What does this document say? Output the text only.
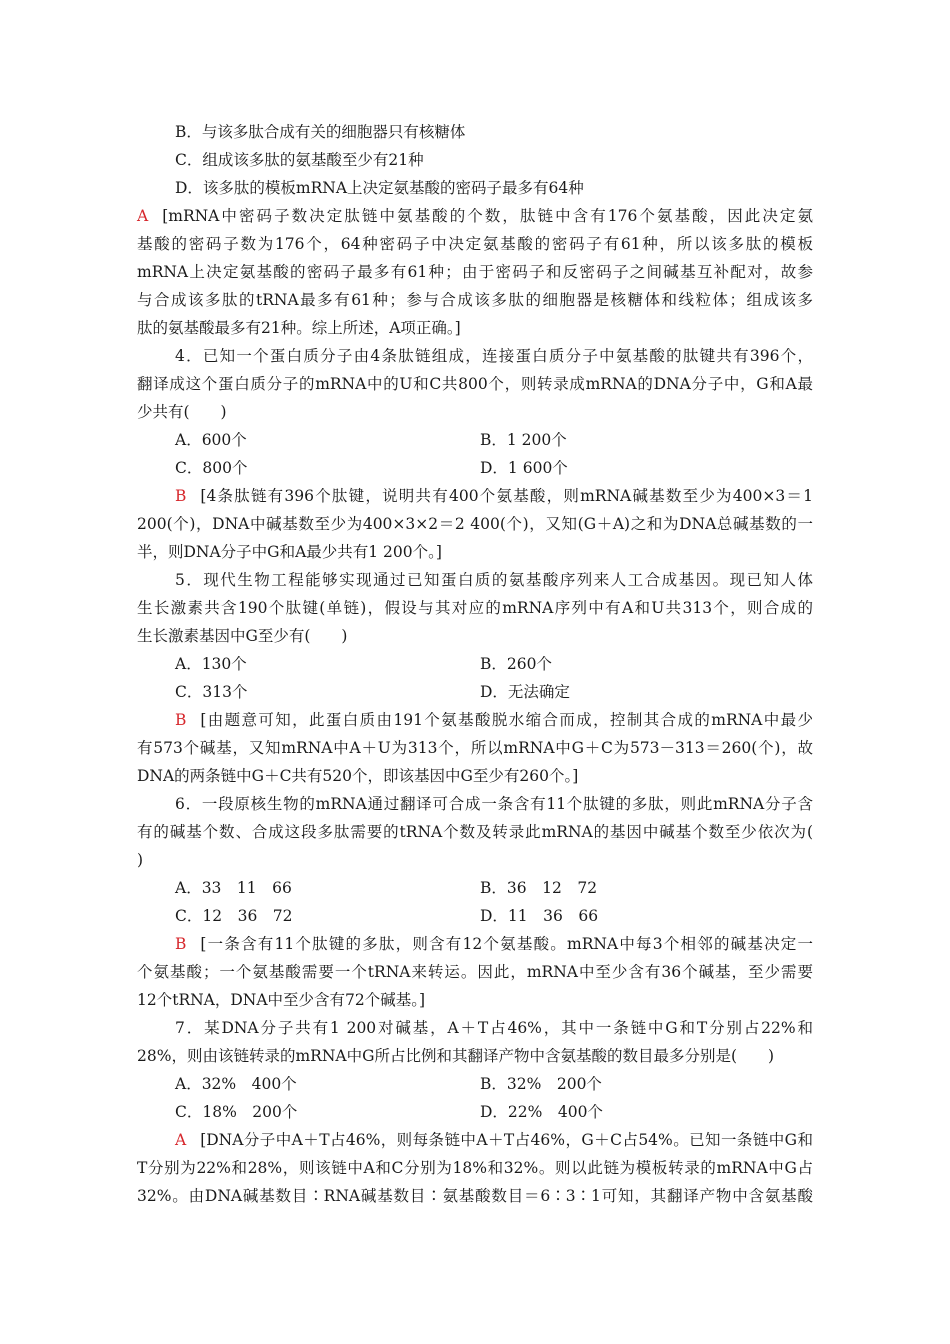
B．与该多肽合成有关的细胞器只有核糖体
C．组成该多肽的氨基酸至少有21种
D．该多肽的模板mRNA上决定氨基酸的密码子最多有64种
A [mRNA中密码子数决定肽链中氨基酸的个数，肽链中含有176个氨基酸，因此决定氨
基酸的密码子数为176个，64种密码子中决定氨基酸的密码子有61种，所以该多肽的模板
mRNA上决定氨基酸的密码子最多有61种；由于密码子和反密码子之间碱基互补配对，故参
与合成该多肽的tRNA最多有61种；参与合成该多肽的细胞器是核糖体和线粒体；组成该多
肽的氨基酸最多有21种。综上所述，A项正确。]
4．已知一个蛋白质分子由4条肽链组成，连接蛋白质分子中氨基酸的肽键共有396个，
翻译成这个蛋白质分子的mRNA中的U和C共800个，则转录成mRNA的DNA分子中，G和A最
少共有(　　)
A．600个	B．1 200个
C．800个	D．1 600个
B [4条肽链有396个肽键，说明共有400个氨基酸，则mRNA碱基数至少为400×3＝1
200(个)，DNA中碱基数至少为400×3×2＝2 400(个)，又知(G＋A)之和为DNA总碱基数的一
半，则DNA分子中G和A最少共有1 200个。]
5．现代生物工程能够实现通过已知蛋白质的氨基酸序列来人工合成基因。现已知人体
生长激素共含190个肽键(单链)，假设与其对应的mRNA序列中有A和U共313个，则合成的
生长激素基因中G至少有(　　)
A．130个	B．260个
C．313个	D．无法确定
B [由题意可知，此蛋白质由191个氨基酸脱水缩合而成，控制其合成的mRNA中最少
有573个碱基，又知mRNA中A＋U为313个，所以mRNA中G＋C为573－313＝260(个)，故
DNA的两条链中G＋C共有520个，即该基因中G至少有260个。]
6．一段原核生物的mRNA通过翻译可合成一条含有11个肽键的多肽，则此mRNA分子含
有的碱基个数、合成这段多肽需要的tRNA个数及转录此mRNA的基因中碱基个数至少依次为(
)
A．33　11　66	B．36　12　72
C．12　36　72	D．11　36　66
B [一条含有11个肽键的多肽，则含有12个氨基酸。mRNA中每3个相邻的碱基决定一
个氨基酸；一个氨基酸需要一个tRNA来转运。因此，mRNA中至少含有36个碱基，至少需要
12个tRNA，DNA中至少含有72个碱基。]
7．某DNA分子共有1 200对碱基，A＋T占46%，其中一条链中G和T分别占22%和
28%，则由该链转录的mRNA中G所占比例和其翻译产物中含氨基酸的数目最多分别是(　　)
A．32%　400个	B．32%　200个
C．18%　200个	D．22%　400个
A [DNA分子中A＋T占46%，则每条链中A＋T占46%，G＋C占54%。已知一条链中G和
T分别为22%和28%，则该链中A和C分别为18%和32%。则以此链为模板转录的mRNA中G占
32%。由DNA碱基数目∶RNA碱基数目∶氨基酸数目＝6∶3∶1可知，其翻译产物中含氨基酸
